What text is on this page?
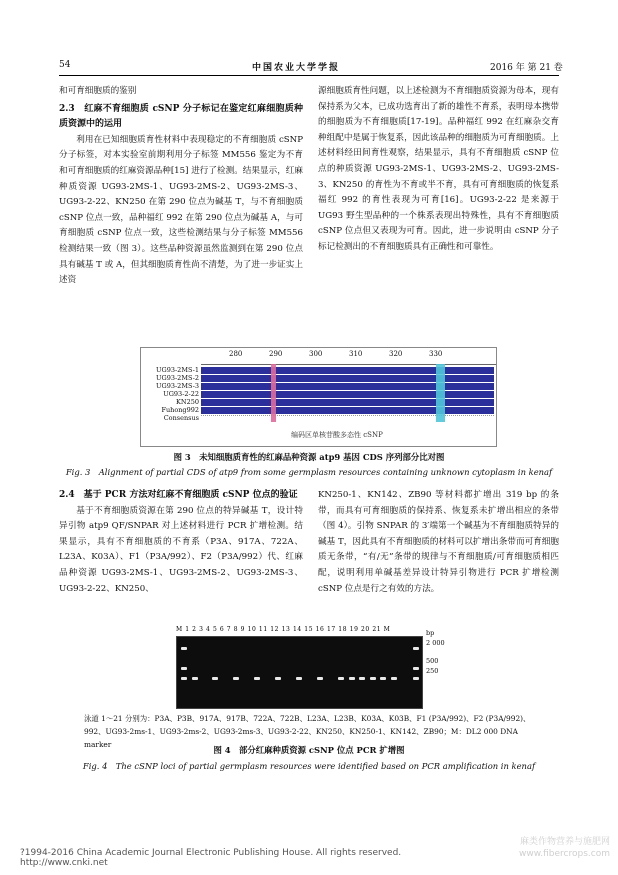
54	中国农业大学学报	2016 年 第 21 卷

和可育细胞质的鉴别

2.3　红麻不育细胞质 cSNP 分子标记在鉴定红麻细胞质种质资源中的运用

利用在已知细胞质育性材料中表现稳定的不育细胞质 cSNP 分子标签，对本实验室前期利用分子标签 MM556 鉴定为不育和可育细胞质的红麻资源品种[15] 进行了检测。结果显示，红麻种质资源 UG93-2MS-1、UG93-2MS-2、UG93-2MS-3、UG93-2-22、KN250 在第 290 位点为碱基 T，与不育细胞质 cSNP 位点一致，品种福红 992 在第 290 位点为碱基 A，与可育细胞质 cSNP 位点一致，这些检测结果与分子标签 MM556 检测结果一致（图 3）。这些品种资源虽然监测到在第 290 位点具有碱基 T 或 A，但其细胞质育性尚不清楚，为了进一步证实上述资

源细胞质育性问题，以上述检测为不育细胞质资源为母本，现有保持系为父本，已成功选育出了新的雄性不育系，表明母本携带的细胞质为不育细胞质[17-19]。品种福红 992 在红麻杂交育种组配中是属于恢复系，因此该品种的细胞质为可育细胞质。上述材料经田间育性观察，结果显示，具有不育细胞质 cSNP 位点的种质资源 UG93-2MS-1、UG93-2MS-2、UG93-2MS-3、KN250 的育性为不育或半不育，具有可育细胞质的恢复系福红 992 的育性表现为可育[16]。UG93-2-22 是来源于 UG93 野生型品种的一个株系表现出特殊性，具有不育细胞质 cSNP 位点但又表现为可育。因此，进一步说明由 cSNP 分子标记检测出的不育细胞质具有正确性和可靠性。

280	290	300	310	320	330
UG93-2MS-1
UG93-2MS-2
UG93-2MS-3
UG93-2-22
KN250
Fuhong992
Consensus
编码区单核苷酸多态性 cSNP
图 3　未知细胞质育性的红麻品种资源 atp9 基因 CDS 序列部分比对图
Fig. 3　Alignment of partial CDS of atp9 from some germplasm resources containing unknown cytoplasm in kenaf

2.4　基于 PCR 方法对红麻不育细胞质 cSNP 位点的验证

基于不育细胞质资源在第 290 位点的特异碱基 T，设计特异引物 atp9 QF/SNPAR 对上述材料进行 PCR 扩增检测。结果显示，具有不育细胞质的不育系（P3A、917A、722A、L23A、K03A）、F1（P3A/992）、F2（P3A/992）代、红麻品种资源 UG93-2MS-1、UG93-2MS-2、UG93-2MS-3、UG93-2-22、KN250、

KN250-1、KN142、ZB90 等材料都扩增出 319 bp 的条带，而具有可育细胞质的保持系、恢复系未扩增出相应的条带（图 4）。引物 SNPAR 的 3′端第一个碱基为不育细胞质特异的碱基 T，因此具有不育细胞质的材料可以扩增出条带而可育细胞质无条带，“有/无”条带的规律与不育细胞质/可育细胞质相匹配，说明利用单碱基差异设计特异引物进行 PCR 扩增检测 cSNP 位点是行之有效的方法。

M 1 2 3 4 5 6 7 8 9 10 11 12 13 14 15 16 17 18 19 20 21 M	bp
2 000
500
250
泳道 1～21 分别为：P3A、P3B、917A、917B、722A、722B、L23A、L23B、K03A、K03B、F1 (P3A/992)、F2 (P3A/992)、992、UG93-2ms-1、UG93-2ms-2、UG93-2ms-3、UG93-2-22、KN250、KN250-1、KN142、ZB90；M：DL2 000 DNA marker
图 4　部分红麻种质资源 cSNP 位点 PCR 扩增图
Fig. 4　The cSNP loci of partial germplasm resources were identified based on PCR amplification in kenaf
?1994-2016 China Academic Journal Electronic Publishing House. All rights reserved. http://www.cnki.net
麻类作物营养与施肥网 www.fibercrops.com
